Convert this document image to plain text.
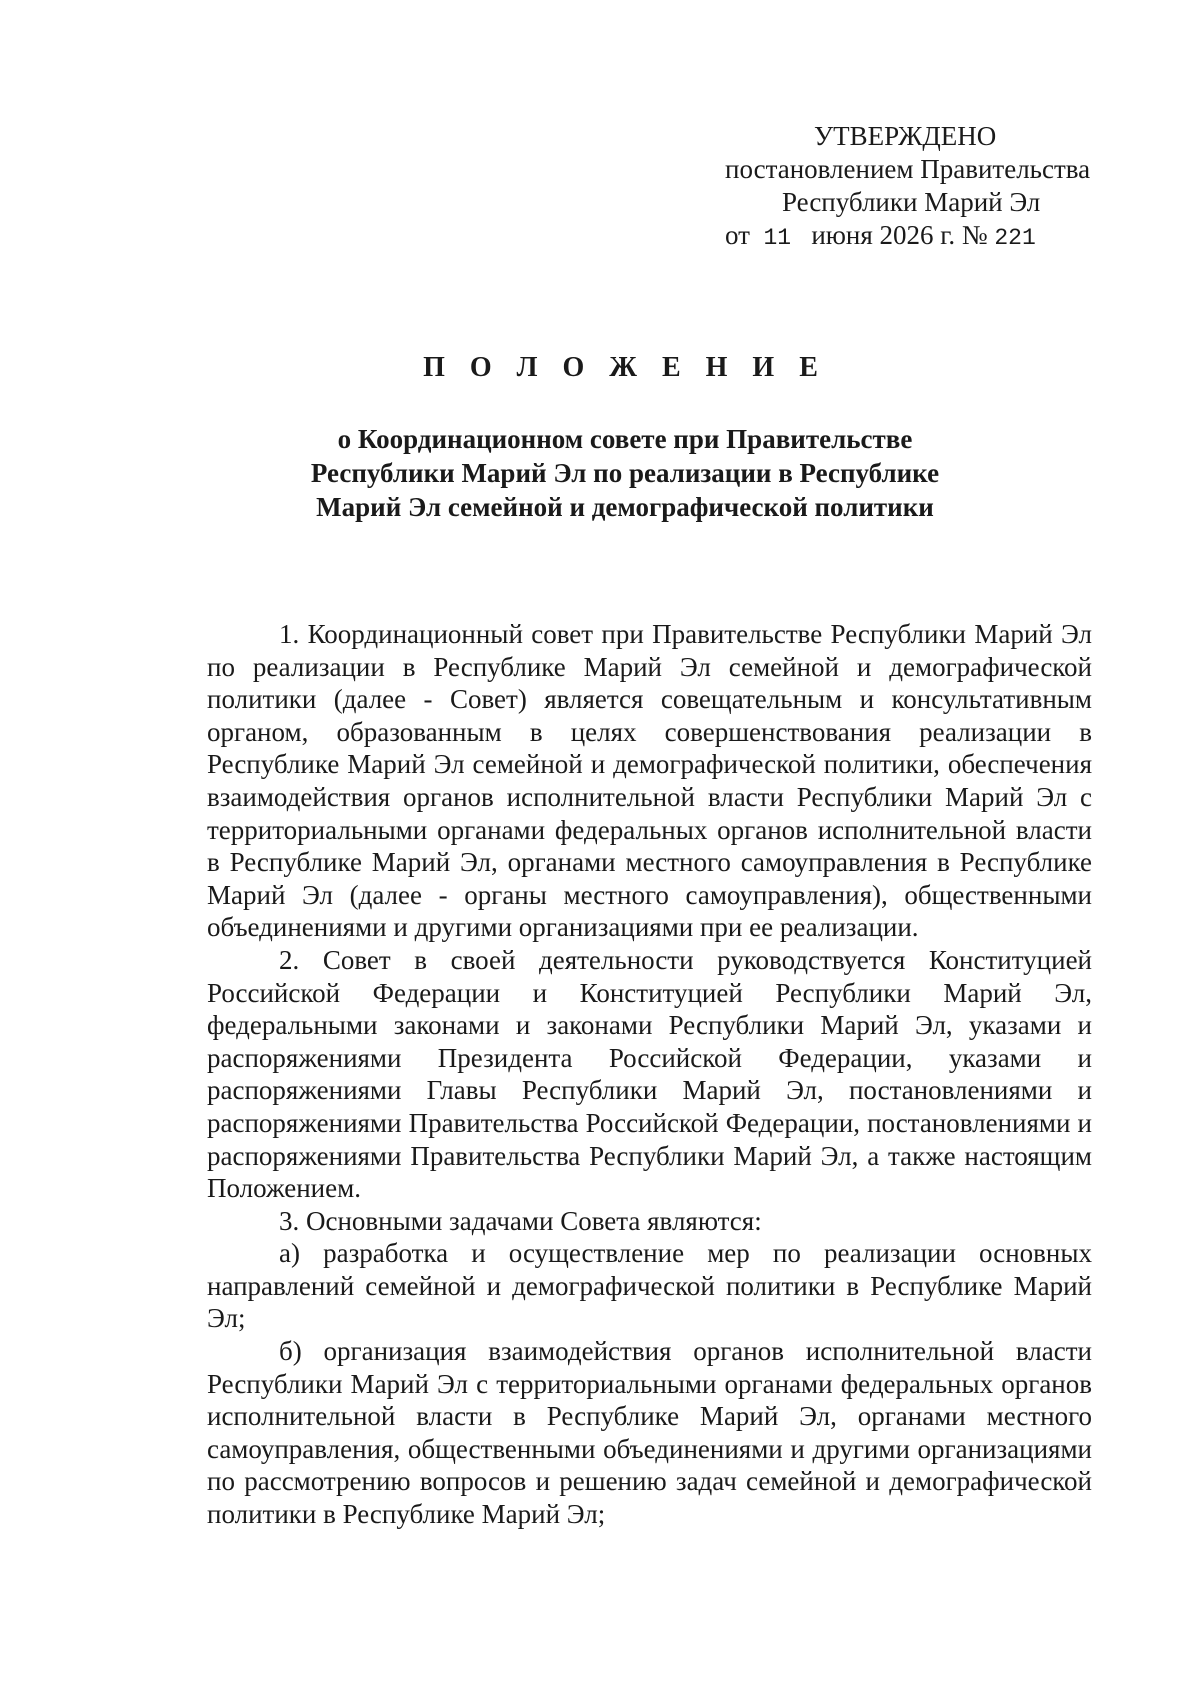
УТВЕРЖДЕНО
постановлением Правительства
Республики Марий Эл
от 11 июня 2026 г. № 221
П О Л О Ж Е Н И Е
о Координационном совете при Правительстве
Республики Марий Эл по реализации в Республике
Марий Эл семейной и демографической политики

1. Координационный совет при Правительстве Республики Марий Эл по реализации в Республике Марий Эл семейной и демографической политики (далее - Совет) является совещательным и консультативным органом, образованным в целях совершенствования реализации в Республике Марий Эл семейной и демографической политики, обеспечения взаимодействия органов исполнительной власти Республики Марий Эл с территориальными органами федеральных органов исполнительной власти в Республике Марий Эл, органами местного самоуправления в Республике Марий Эл (далее - органы местного самоуправления), общественными объединениями и другими организациями при ее реализации.

2. Совет в своей деятельности руководствуется Конституцией Российской Федерации и Конституцией Республики Марий Эл, федеральными законами и законами Республики Марий Эл, указами и распоряжениями Президента Российской Федерации, указами и распоряжениями Главы Республики Марий Эл, постановлениями и распоряжениями Правительства Российской Федерации, постановлениями и распоряжениями Правительства Республики Марий Эл, а также настоящим Положением.

3. Основными задачами Совета являются:

а) разработка и осуществление мер по реализации основных направлений семейной и демографической политики в Республике Марий Эл;

б) организация взаимодействия органов исполнительной власти Республики Марий Эл с территориальными органами федеральных органов исполнительной власти в Республике Марий Эл, органами местного самоуправления, общественными объединениями и другими организациями по рассмотрению вопросов и решению задач семейной и демографической политики в Республике Марий Эл;
